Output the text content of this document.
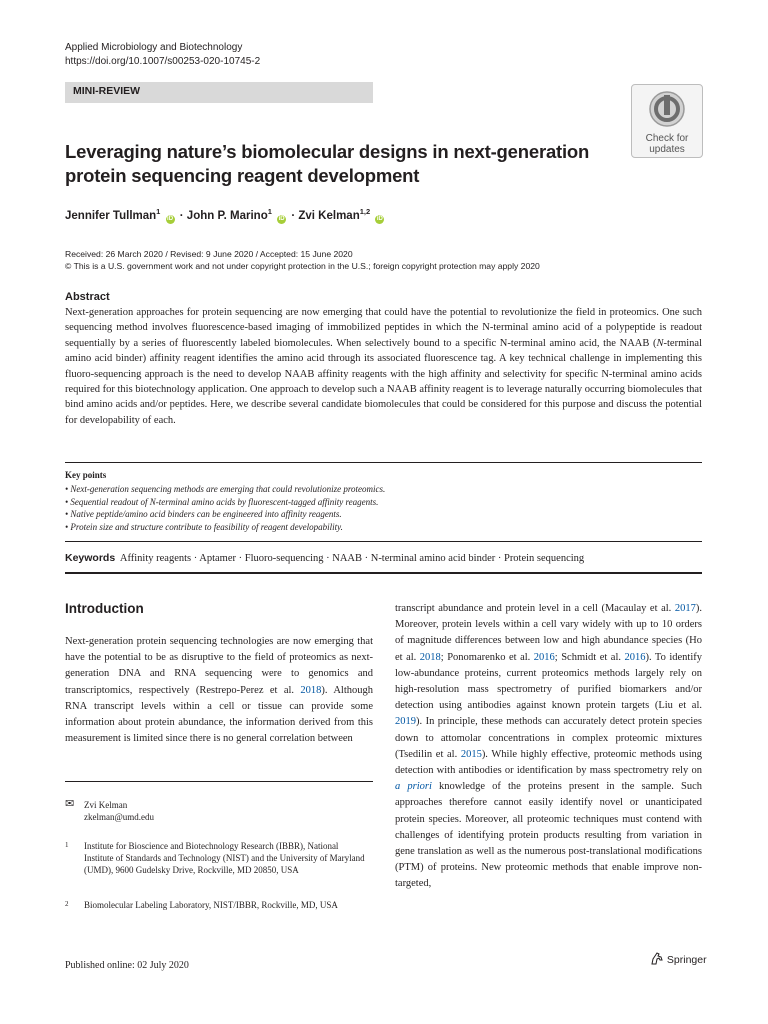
Applied Microbiology and Biotechnology
https://doi.org/10.1007/s00253-020-10745-2
MINI-REVIEW
Check for
updates
Leveraging nature’s biomolecular designs in next-generation protein sequencing reagent development
Jennifer Tullman$^1$ iD · John P. Marino$^1$ iD · Zvi Kelman$^{1,2}$ iD
Received: 26 March 2020 / Revised: 9 June 2020 / Accepted: 15 June 2020
© This is a U.S. government work and not under copyright protection in the U.S.; foreign copyright protection may apply 2020
Abstract

Next-generation approaches for protein sequencing are now emerging that could have the potential to revolutionize the field in proteomics. One such sequencing method involves fluorescence-based imaging of immobilized peptides in which the N-terminal amino acid of a polypeptide is readout sequentially by a series of fluorescently labeled biomolecules. When selectively bound to a specific N-terminal amino acid, the NAAB (N-terminal amino acid binder) affinity reagent identifies the amino acid through its associated fluorescence tag. A key technical challenge in implementing this fluoro-sequencing approach is the need to develop NAAB affinity reagents with the high affinity and selectivity for specific N-terminal amino acids required for this biotechnology application. One approach to develop such a NAAB affinity reagent is to leverage naturally occurring biomolecules that bind amino acids and/or peptides. Here, we describe several candidate biomolecules that could be considered for this purpose and discuss the potential for developability of each.

Key points
• Next-generation sequencing methods are emerging that could revolutionize proteomics.
• Sequential readout of N-terminal amino acids by fluorescent-tagged affinity reagents.
• Native peptide/amino acid binders can be engineered into affinity reagents.
• Protein size and structure contribute to feasibility of reagent developability.
Keywords Affinity reagents · Aptamer · Fluoro-sequencing · NAAB · N-terminal amino acid binder · Protein sequencing
Introduction

Next-generation protein sequencing technologies are now emerging that have the potential to be as disruptive to the field of proteomics as next-generation DNA and RNA sequencing were to genomics and transcriptomics, respectively (Restrepo-Perez et al. 2018). Although RNA transcript levels within a cell or tissue can provide some information about protein abundance, the information derived from this measurement is limited since there is no general correlation between

transcript abundance and protein level in a cell (Macaulay et al. 2017). Moreover, protein levels within a cell vary widely with up to 10 orders of magnitude differences between low and high abundance species (Ho et al. 2018; Ponomarenko et al. 2016; Schmidt et al. 2016). To identify low-abundance proteins, current proteomics methods largely rely on high-resolution mass spectrometry of purified biomarkers and/or detection using antibodies against known protein targets (Liu et al. 2019). In principle, these methods can accurately detect protein species down to attomolar concentrations in complex proteomic mixtures (Tsedilin et al. 2015). While highly effective, proteomic methods using detection with antibodies or identification by mass spectrometry rely on a priori knowledge of the proteins present in the sample. Such approaches therefore cannot easily identify novel or unanticipated protein species. Moreover, all proteomic techniques must contend with challenges of identifying protein products resulting from variation in gene translation as well as the numerous post-translational modifications (PTM) of proteins. New proteomic methods that enable improve non-targeted,

✉ Zvi Kelman
zkelman@umd.edu
1 Institute for Bioscience and Biotechnology Research (IBBR), National Institute of Standards and Technology (NIST) and the University of Maryland (UMD), 9600 Gudelsky Drive, Rockville, MD 20850, USA
2 Biomolecular Labeling Laboratory, NIST/IBBR, Rockville, MD, USA
Published online: 02 July 2020	Springer
